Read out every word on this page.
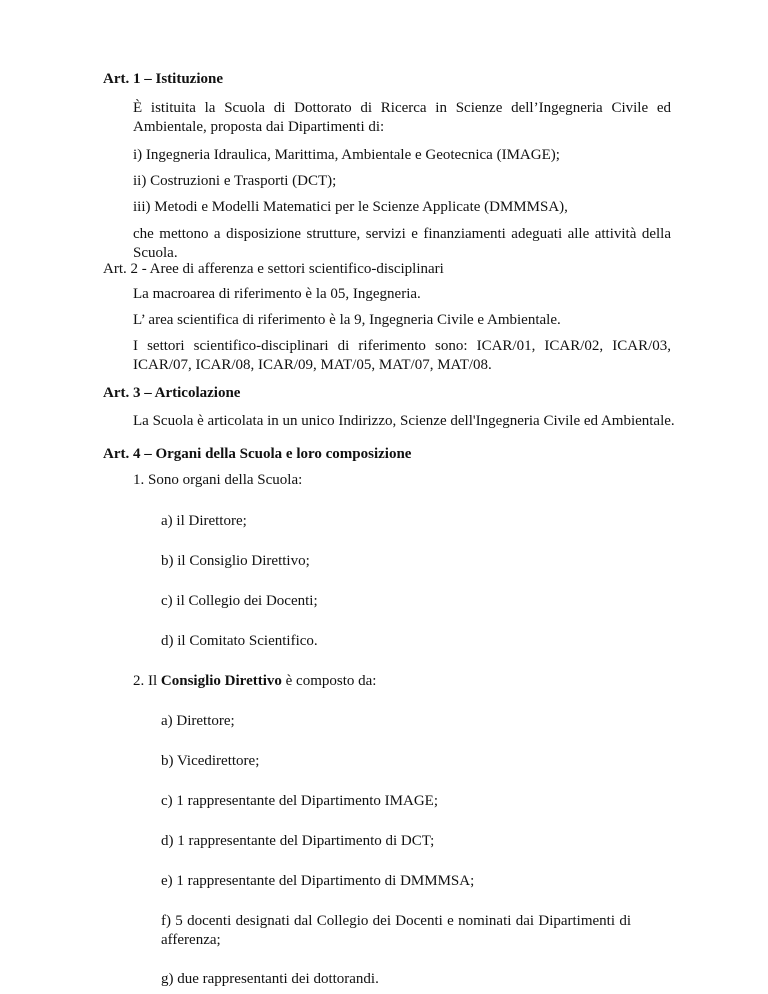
Art. 1 – Istituzione
È istituita la Scuola di Dottorato di Ricerca in Scienze dell’Ingegneria Civile ed Ambientale, proposta dai Dipartimenti di:
i) Ingegneria Idraulica, Marittima, Ambientale e Geotecnica (IMAGE);
ii) Costruzioni e Trasporti (DCT);
iii) Metodi e Modelli Matematici per le Scienze Applicate (DMMMSA),
che mettono a disposizione strutture, servizi e finanziamenti adeguati alle attività della Scuola.
Art. 2 - Aree di afferenza e settori scientifico-disciplinari
La macroarea di riferimento è la 05, Ingegneria.
L’ area scientifica di riferimento è la 9, Ingegneria Civile e Ambientale.
I settori scientifico-disciplinari di riferimento sono: ICAR/01, ICAR/02, ICAR/03, ICAR/07, ICAR/08, ICAR/09, MAT/05, MAT/07, MAT/08.
Art. 3 – Articolazione
La Scuola è articolata in un unico Indirizzo, Scienze dell'Ingegneria Civile ed Ambientale.
Art. 4 – Organi della Scuola e loro composizione
1. Sono organi della Scuola:
a) il Direttore;
b) il Consiglio Direttivo;
c) il Collegio dei Docenti;
d) il Comitato Scientifico.
2. Il Consiglio Direttivo è composto da:
a) Direttore;
b) Vicedirettore;
c) 1 rappresentante del Dipartimento IMAGE;
d) 1 rappresentante del Dipartimento di DCT;
e) 1 rappresentante del Dipartimento di DMMMSA;
f) 5 docenti designati dal Collegio dei Docenti e nominati dai Dipartimenti di afferenza;
g) due rappresentanti dei dottorandi.
